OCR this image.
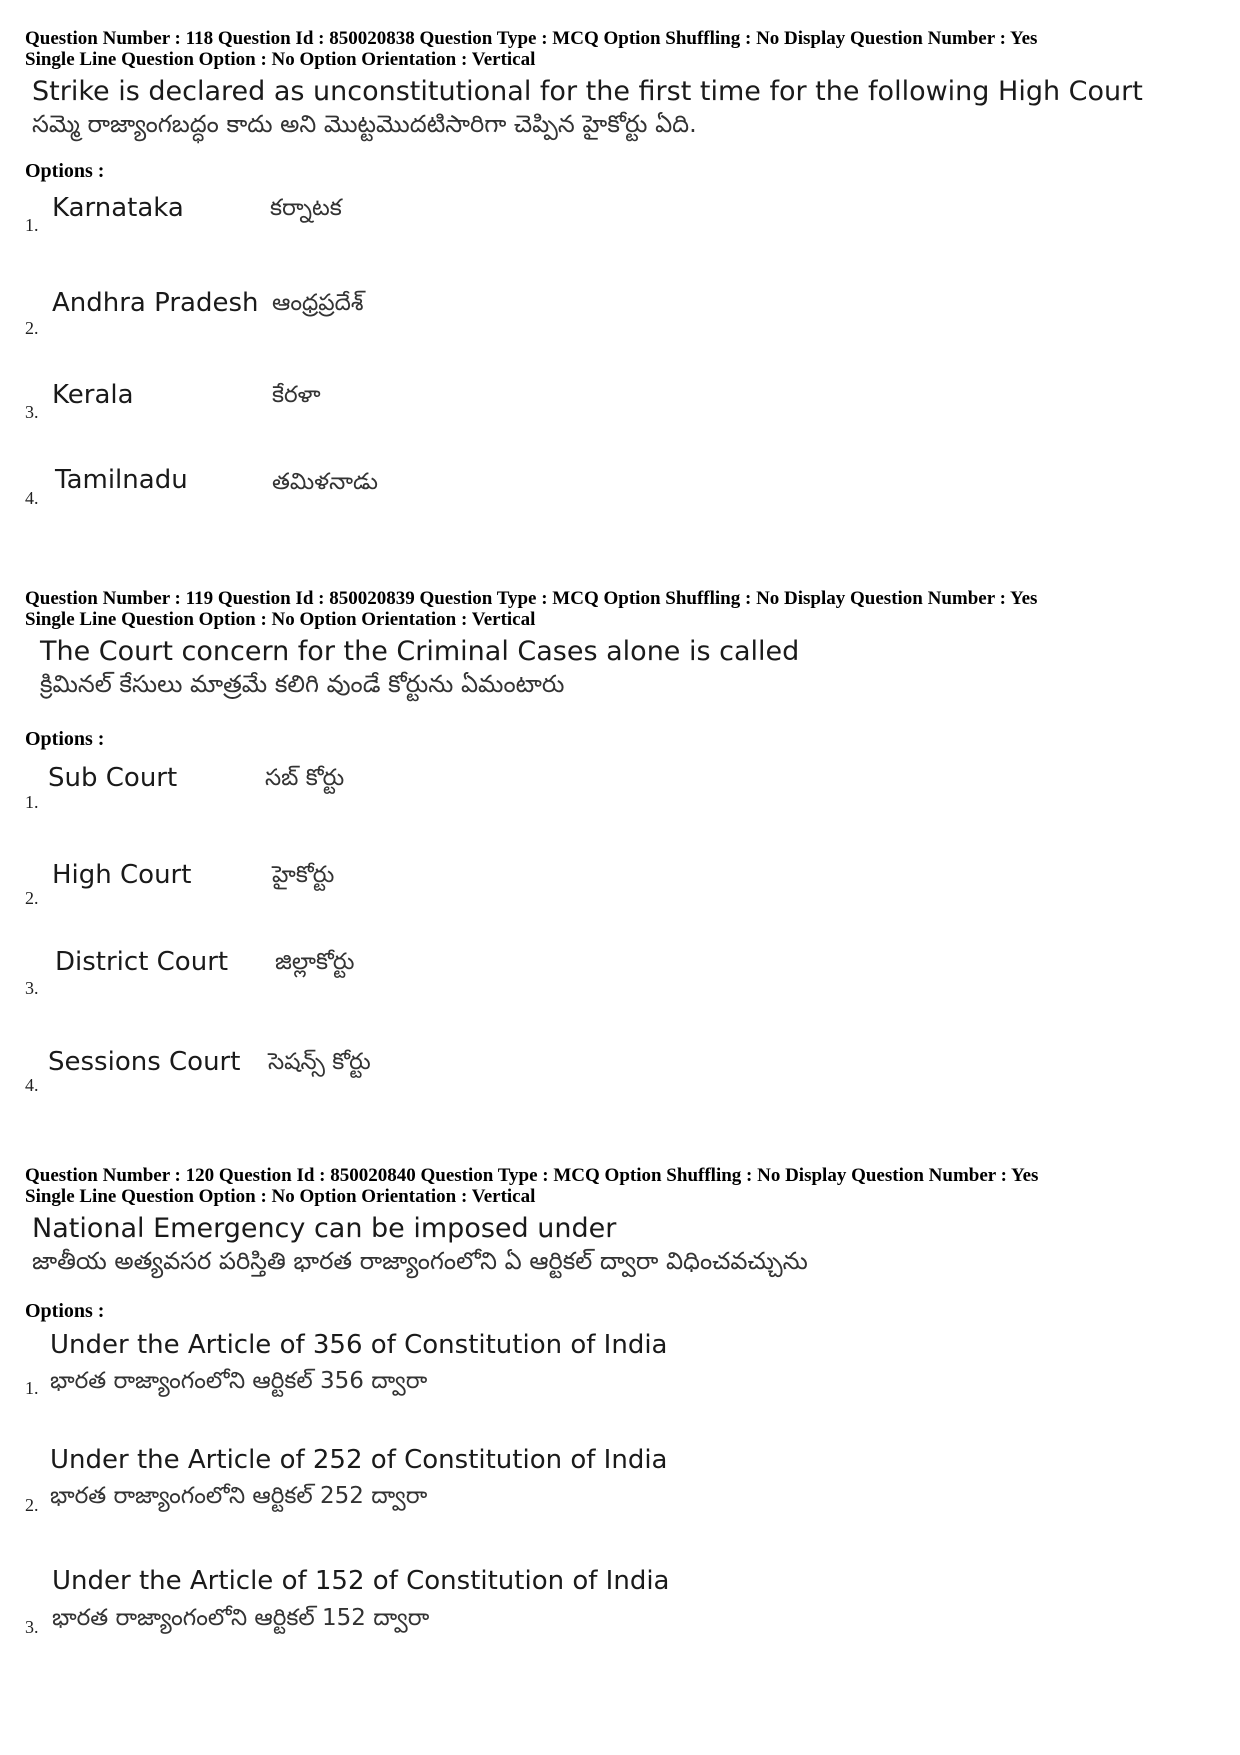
Question Number : 118 Question Id : 850020838 Question Type : MCQ Option Shuffling : No Display Question Number : Yes
Single Line Question Option : No Option Orientation : Vertical
Strike is declared as unconstitutional for the first time for the following High Court
సమ్మె రాజ్యాంగబద్ధం కాదు అని మొట్టమొదటిసారిగా చెప్పిన హైకోర్టు ఏది.
Options :
1.
Karnataka	కర్నాటక
2.
Andhra Pradesh ఆంధ్రప్రదేశ్
3.
Kerala	కేరళా
4.
Tamilnadu	తమిళనాడు
Question Number : 119 Question Id : 850020839 Question Type : MCQ Option Shuffling : No Display Question Number : Yes
Single Line Question Option : No Option Orientation : Vertical
The Court concern for the Criminal Cases alone is called
క్రిమినల్ కేసులు మాత్రమే కలిగి వుండే కోర్టును ఏమంటారు
Options :
1.
Sub Court	సబ్ కోర్టు
2.
High Court	హైకోర్టు
3.
District Court జిల్లాకోర్టు
4.
Sessions Court సెషన్స్ కోర్టు
Question Number : 120 Question Id : 850020840 Question Type : MCQ Option Shuffling : No Display Question Number : Yes
Single Line Question Option : No Option Orientation : Vertical
National Emergency can be imposed under
జాతీయ అత్యవసర పరిస్తితి భారత రాజ్యాంగంలోని ఏ ఆర్టికల్ ద్వారా విధించవచ్చును
Options :
1.
Under the Article of 356 of Constitution of India
భారత రాజ్యాంగంలోని ఆర్టికల్ 356 ద్వారా
2.
Under the Article of 252 of Constitution of India
భారత రాజ్యాంగంలోని ఆర్టికల్ 252 ద్వారా
3.
Under the Article of 152 of Constitution of India
భారత రాజ్యాంగంలోని ఆర్టికల్ 152 ద్వారా
